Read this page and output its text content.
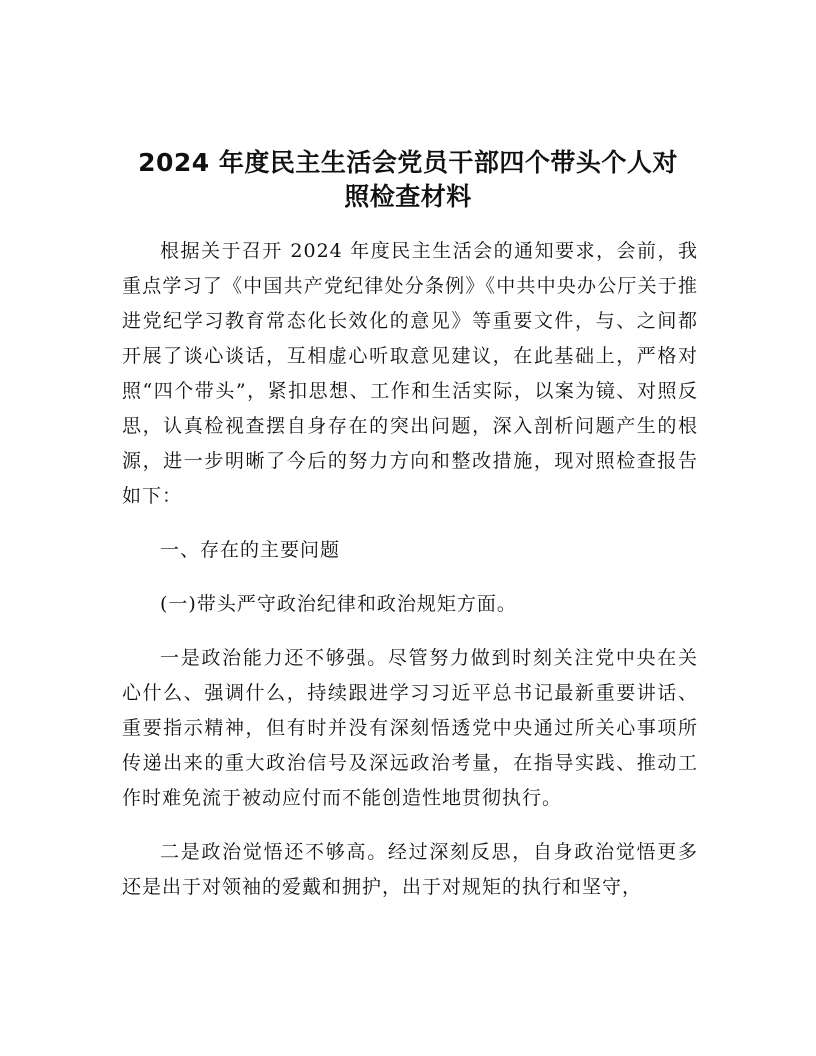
2024 年度民主生活会党员干部四个带头个人对
照检查材料

根据关于召开 2024 年度民主生活会的通知要求，会前，我重点学习了《中国共产党纪律处分条例》《中共中央办公厅关于推进党纪学习教育常态化长效化的意见》等重要文件，与、之间都开展了谈心谈话，互相虚心听取意见建议，在此基础上，严格对照“四个带头”，紧扣思想、工作和生活实际，以案为镜、对照反思，认真检视查摆自身存在的突出问题，深入剖析问题产生的根源，进一步明晰了今后的努力方向和整改措施，现对照检查报告如下：

一、存在的主要问题

(一)带头严守政治纪律和政治规矩方面。

一是政治能力还不够强。尽管努力做到时刻关注党中央在关心什么、强调什么，持续跟进学习习近平总书记最新重要讲话、重要指示精神，但有时并没有深刻悟透党中央通过所关心事项所传递出来的重大政治信号及深远政治考量，在指导实践、推动工作时难免流于被动应付而不能创造性地贯彻执行。

二是政治觉悟还不够高。经过深刻反思，自身政治觉悟更多还是出于对领袖的爱戴和拥护，出于对规矩的执行和坚守，
